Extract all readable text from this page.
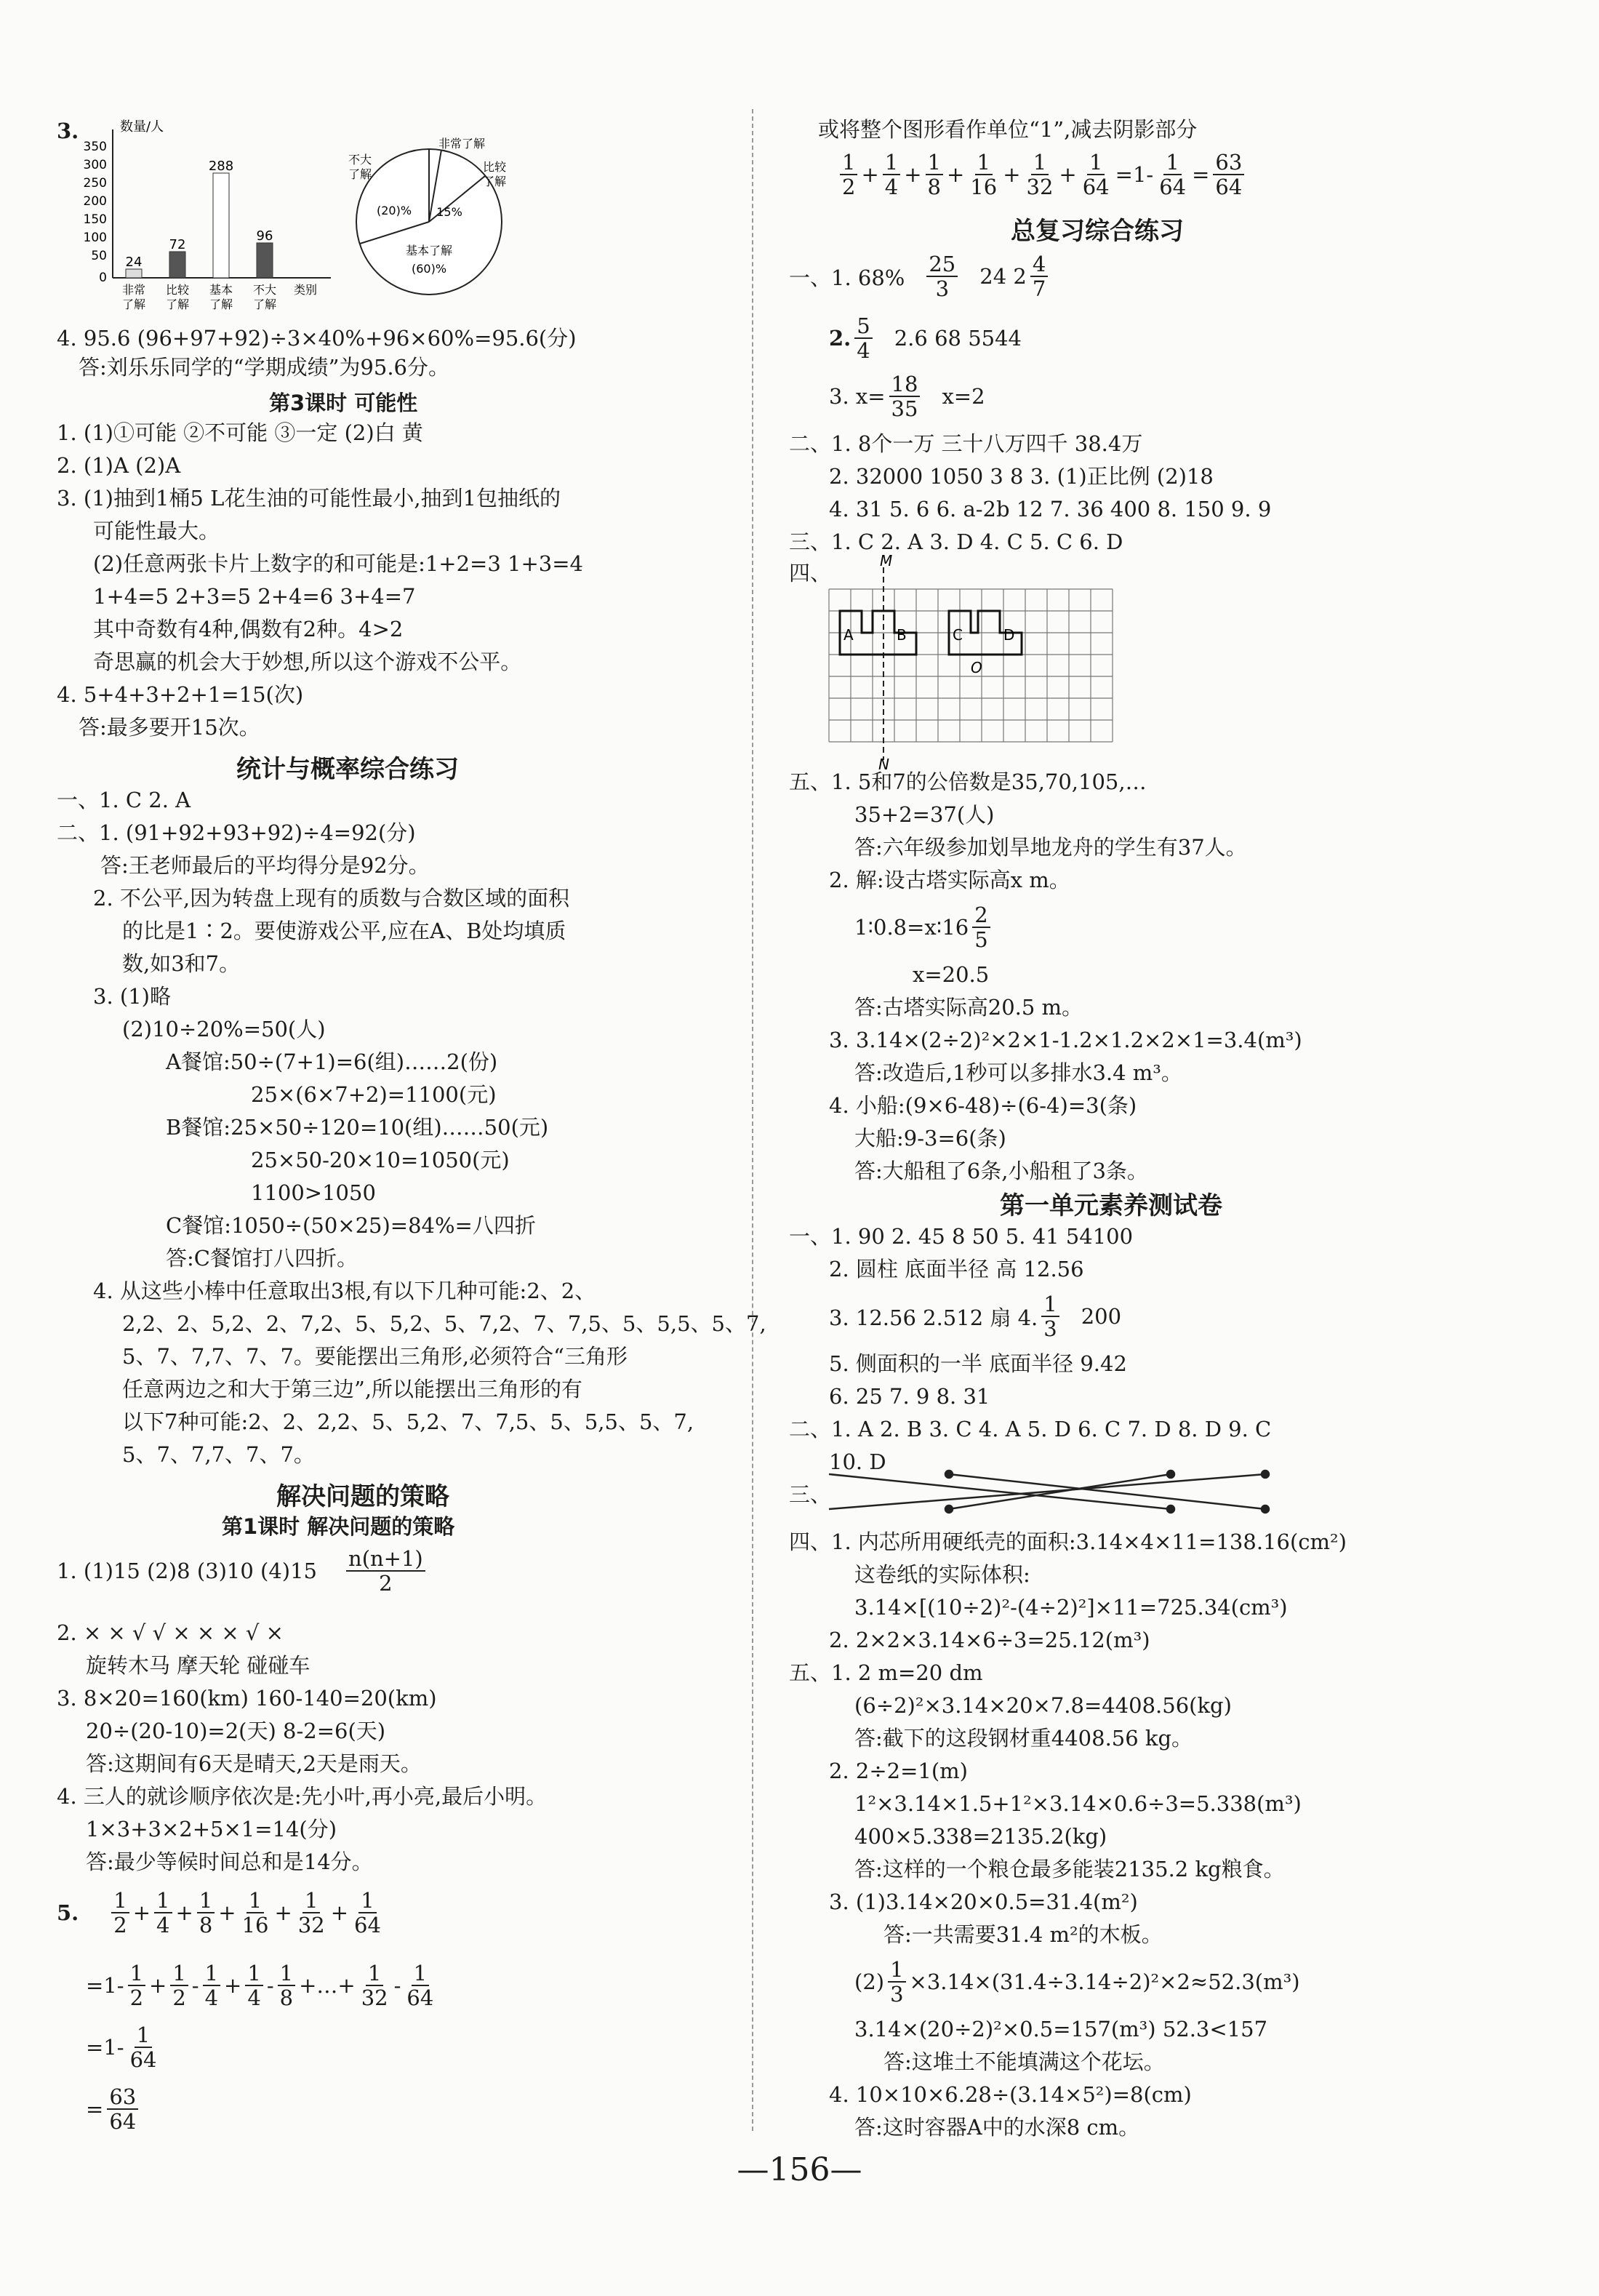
3.	数量/人
350
300
250
200
150
100
50
0
24
72
288
96
非常
了解
比较
了解
基本
了解
不大
了解
类别
非常了解
比较
了解
不大
了解
(20)% 15%
基本了解
(60)%
4. 95.6 (96+97+92)÷3×40%+96×60%=95.6(分)
答:刘乐乐同学的“学期成绩”为95.6分。
第3课时 可能性
1. (1)①可能 ②不可能 ③一定 (2)白 黄
2. (1)A (2)A
3. (1)抽到1桶5 L花生油的可能性最小,抽到1包抽纸的
可能性最大。
(2)任意两张卡片上数字的和可能是:1+2=3 1+3=4
1+4=5 2+3=5 2+4=6 3+4=7
其中奇数有4种,偶数有2种。4>2
奇思赢的机会大于妙想,所以这个游戏不公平。
4. 5+4+3+2+1=15(次)
答:最多要开15次。
统计与概率综合练习
一、1. C 2. A
二、1. (91+92+93+92)÷4=92(分)
答:王老师最后的平均得分是92分。
2. 不公平,因为转盘上现有的质数与合数区域的面积
的比是1∶2。要使游戏公平,应在A、B处均填质
数,如3和7。
3. (1)略
(2)10÷20%=50(人)
A餐馆:50÷(7+1)=6(组)……2(份)
25×(6×7+2)=1100(元)
B餐馆:25×50÷120=10(组)……50(元)
25×50-20×10=1050(元)
1100>1050
C餐馆:1050÷(50×25)=84%=八四折
答:C餐馆打八四折。
4. 从这些小棒中任意取出3根,有以下几种可能:2、2、
2,2、2、5,2、2、7,2、5、5,2、5、7,2、7、7,5、5、5,5、5、7,
5、7、7,7、7、7。要能摆出三角形,必须符合“三角形
任意两边之和大于第三边”,所以能摆出三角形的有
以下7种可能:2、2、2,2、5、5,2、7、7,5、5、5,5、5、7,
5、7、7,7、7、7。
解决问题的策略
第1课时 解决问题的策略
1. (1)15 (2)8 (3)10 $(4)15 \frac{n(n+1)}{2}$
2. × × √ √ × × × √ ×
旋转木马 摩天轮 碰碰车
3. 8×20=160(km) 160-140=20(km)
20÷(20-10)=2(天) 8-2=6(天)
答:这期间有6天是晴天,2天是雨天。
4. 三人的就诊顺序依次是:先小叶,再小亮,最后小明。
1×3+3×2+5×1=14(分)
答:最少等候时间总和是14分。
5. $\frac{1}{2} + \frac{1}{4} + \frac{1}{8} + \frac{1}{16} + \frac{1}{32} + \frac{1}{64}$
$=1- \frac{1}{2} + \frac{1}{2} - \frac{1}{4} + \frac{1}{4} - \frac{1}{8}$ +…+ $\frac{1}{32} - \frac{1}{64}$
$=1- \frac{1}{64}$
= $\frac{63}{64}$
或将整个图形看作单位“1”,减去阴影部分
$\frac{1}{2} + \frac{1}{4} + \frac{1}{8} + \frac{1}{16} + \frac{1}{32} + \frac{1}{64} =1- \frac{1}{64} = \frac{63}{64}$
总复习综合练习
一、1. $68\% \frac{25}{3} 24$ $2 \frac{4}{7}$
2. $\frac{5}{4} 2.6$ 68 5544
3. $x= \frac{18}{35} x=2$
二、1. 8个一万 三十八万四千 38.4万
2. 32000 1050 3 8 3. (1)正比例 (2)18
4. 31 5. 6 6. a-2b 12 7. 36 400 8. 150 9. 9
三、1. C 2. A 3. D 4. C 5. C 6. D
四、	M
N
A	B	C	D
O
五、1. 5和7的公倍数是35,70,105,…
35+2=37(人)
答:六年级参加划旱地龙舟的学生有37人。
2. 解:设古塔实际高x m。
1∶0.8=x∶16 $\frac{2}{5}$
x=20.5
答:古塔实际高20.5 m。
3. 3.14×(2÷2)²×2×1-1.2×1.2×2×1=3.4(m³)
答:改造后,1秒可以多排水3.4 m³。
4. 小船:(9×6-48)÷(6-4)=3(条)
大船:9-3=6(条)
答:大船租了6条,小船租了3条。
第一单元素养测试卷
一、1. 90 2. 45 8 50 5. 41 54100
2. 圆柱 底面半径 高 12.56
3. 12.56 2.512 扇 4. $\frac{1}{3} 200$
5. 侧面积的一半 底面半径 9.42
6. 25 7. 9 8. 31
二、1. A 2. B 3. C 4. A 5. D 6. C 7. D 8. D 9. C
10. D
三、
四、1. 内芯所用硬纸壳的面积:3.14×4×11=138.16(cm²)
这卷纸的实际体积:
3.14×[(10÷2)²-(4÷2)²]×11=725.34(cm³)
2. 2×2×3.14×6÷3=25.12(m³)
五、1. 2 m=20 dm
(6÷2)²×3.14×20×7.8=4408.56(kg)
答:截下的这段钢材重4408.56 kg。
2. 2÷2=1(m)
1²×3.14×1.5+1²×3.14×0.6÷3=5.338(m³)
400×5.338=2135.2(kg)
答:这样的一个粮仓最多能装2135.2 kg粮食。
3. (1)3.14×20×0.5=31.4(m²)
答:一共需要31.4 m²的木板。
$(2) \frac{1}{3} \times 3.14\times(31.4\div 3.14\div 2)^2\times 2\approx 52.3(m^3)$
3.14×(20÷2)²×0.5=157(m³) 52.3<157
答:这堆土不能填满这个花坛。
4. 10×10×6.28÷(3.14×5²)=8(cm)
答:这时容器A中的水深8 cm。
—156—
